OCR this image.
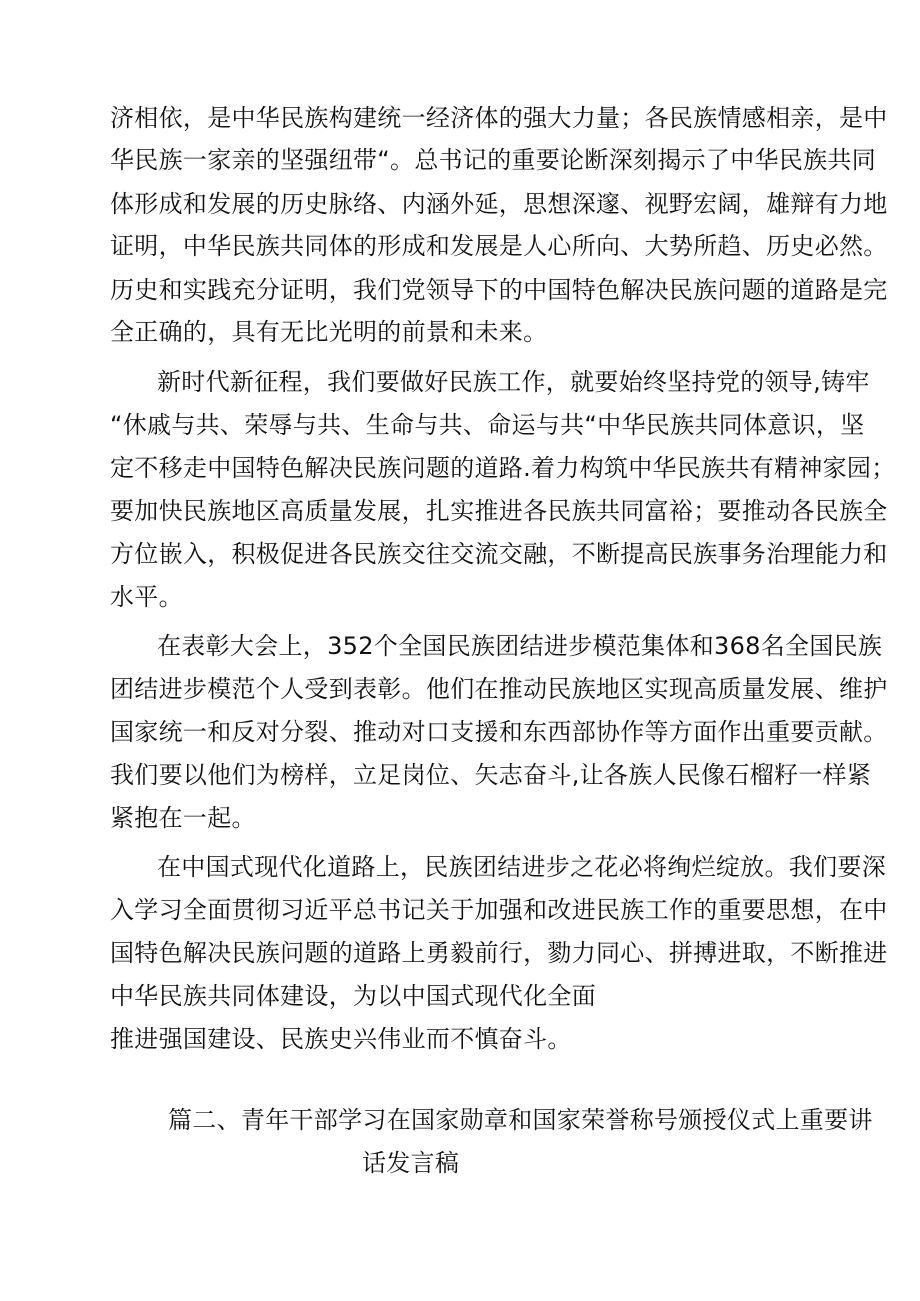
济相依，是中华民族构建统一经济体的强大力量；各民族情感相亲，是中
华民族一家亲的坚强纽带“。总书记的重要论断深刻揭示了中华民族共同
体形成和发展的历史脉络、内涵外延，思想深邃、视野宏阔，雄辩有力地
证明，中华民族共同体的形成和发展是人心所向、大势所趋、历史必然。
历史和实践充分证明，我们党领导下的中国特色解决民族问题的道路是完
全正确的，具有无比光明的前景和未来。
新时代新征程，我们要做好民族工作，就要始终坚持党的领导,铸牢
“休戚与共、荣辱与共、生命与共、命运与共“中华民族共同体意识，坚
定不移走中国特色解决民族问题的道路.着力构筑中华民族共有精神家园；
要加快民族地区高质量发展，扎实推进各民族共同富裕；要推动各民族全
方位嵌入，积极促进各民族交往交流交融，不断提高民族事务治理能力和
水平。
在表彰大会上，352个全国民族团结进步模范集体和368名全国民族
团结进步模范个人受到表彰。他们在推动民族地区实现高质量发展、维护
国家统一和反对分裂、推动对口支援和东西部协作等方面作出重要贡献。
我们要以他们为榜样，立足岗位、矢志奋斗,让各族人民像石榴籽一样紧
紧抱在一起。
在中国式现代化道路上，民族团结进步之花必将绚烂绽放。我们要深
入学习全面贯彻习近平总书记关于加强和改进民族工作的重要思想，在中
国特色解决民族问题的道路上勇毅前行，勠力同心、拼搏进取，不断推进
中华民族共同体建设，为以中国式现代化全面
推进强国建设、民族史兴伟业而不慎奋斗。
篇二、青年干部学习在国家勋章和国家荣誉称号颁授仪式上重要讲
话发言稿
